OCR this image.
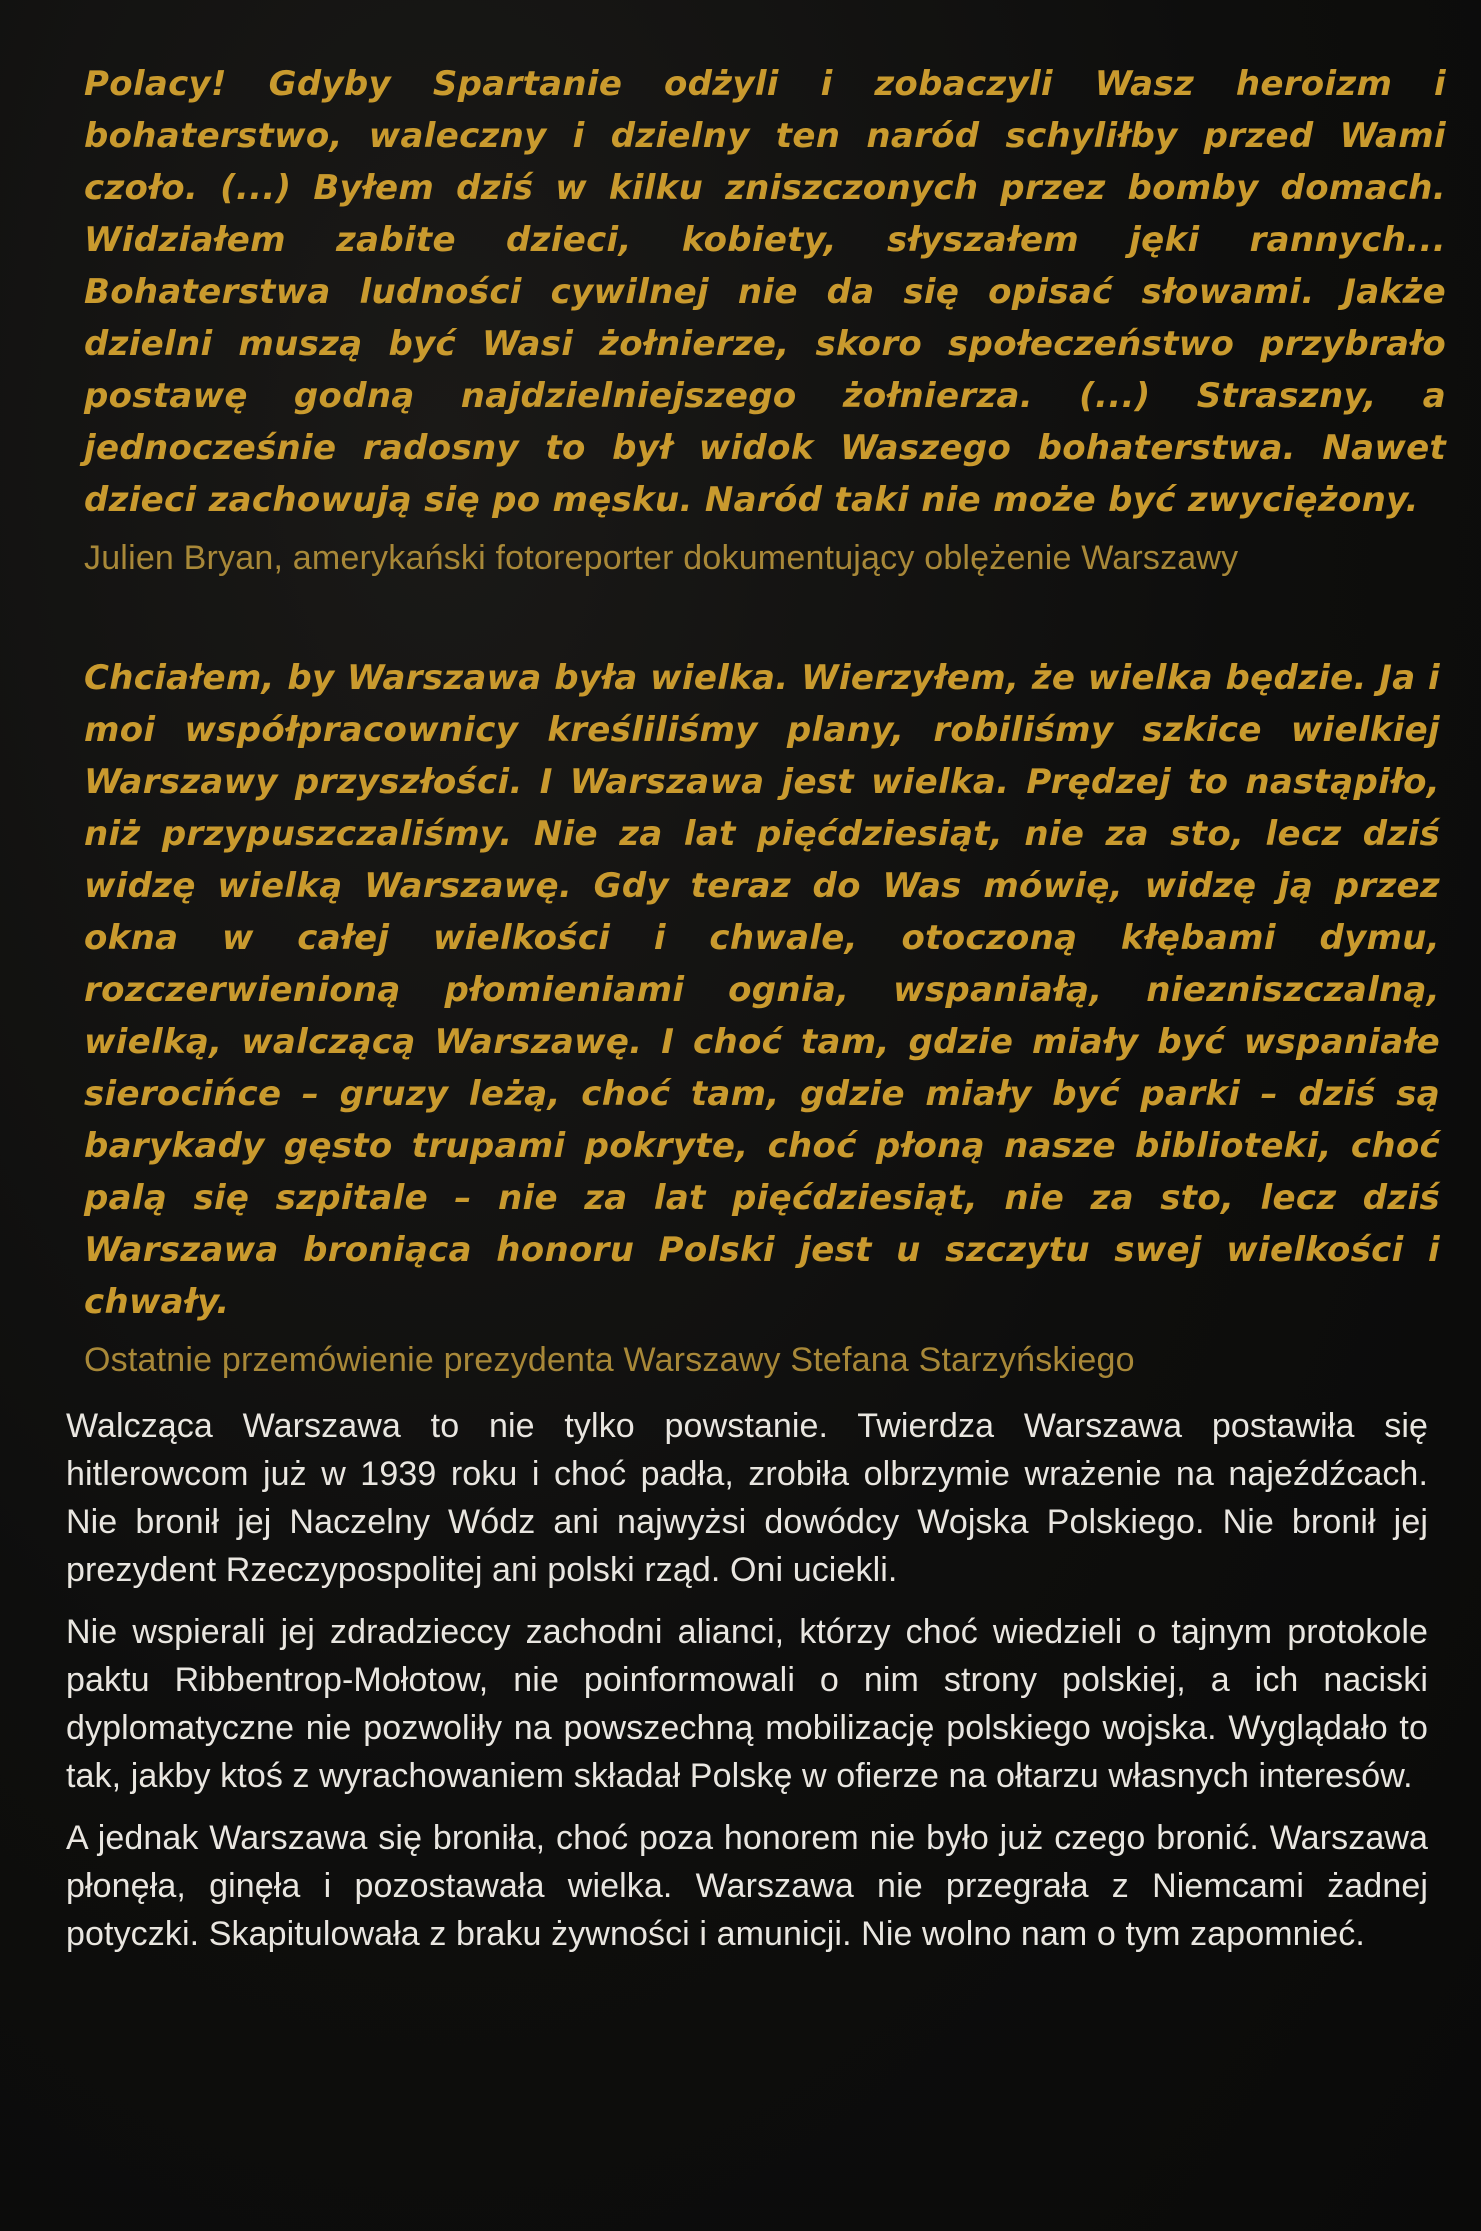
Polacy! Gdyby Spartanie odżyli i zobaczyli Wasz heroizm i bohaterstwo, waleczny i dzielny ten naród schyliłby przed Wami czoło. (...) Byłem dziś w kilku zniszczonych przez bomby domach. Widziałem zabite dzieci, kobiety, słyszałem jęki rannych... Bohaterstwa ludności cywilnej nie da się opisać słowami. Jakże dzielni muszą być Wasi żołnierze, skoro społeczeństwo przybrało postawę godną najdzielniejszego żołnierza. (...) Straszny, a jednocześnie radosny to był widok Waszego bohaterstwa. Nawet dzieci zachowują się po męsku. Naród taki nie może być zwyciężony.

Julien Bryan, amerykański fotoreporter dokumentujący oblężenie Warszawy

Chciałem, by Warszawa była wielka. Wierzyłem, że wielka będzie. Ja i moi współpracownicy kreśliliśmy plany, robiliśmy szkice wielkiej Warszawy przyszłości. I Warszawa jest wielka. Prędzej to nastąpiło, niż przypuszczaliśmy. Nie za lat pięćdziesiąt, nie za sto, lecz dziś widzę wielką Warszawę. Gdy teraz do Was mówię, widzę ją przez okna w całej wielkości i chwale, otoczoną kłębami dymu, rozczerwienioną płomieniami ognia, wspaniałą, niezniszczalną, wielką, walczącą Warszawę. I choć tam, gdzie miały być wspaniałe sierocińce – gruzy leżą, choć tam, gdzie miały być parki – dziś są barykady gęsto trupami pokryte, choć płoną nasze biblioteki, choć palą się szpitale – nie za lat pięćdziesiąt, nie za sto, lecz dziś Warszawa broniąca honoru Polski jest u szczytu swej wielkości i chwały.

Ostatnie przemówienie prezydenta Warszawy Stefana Starzyńskiego

Walcząca Warszawa to nie tylko powstanie. Twierdza Warszawa postawiła się hitlerowcom już w 1939 roku i choć padła, zrobiła olbrzymie wrażenie na najeźdźcach. Nie bronił jej Naczelny Wódz ani najwyżsi dowódcy Wojska Polskiego. Nie bronił jej prezydent Rzeczypospolitej ani polski rząd. Oni uciekli.

Nie wspierali jej zdradzieccy zachodni alianci, którzy choć wiedzieli o tajnym protokole paktu Ribbentrop-Mołotow, nie poinformowali o nim strony polskiej, a ich naciski dyplomatyczne nie pozwoliły na powszechną mobilizację polskiego wojska. Wyglądało to tak, jakby ktoś z wyrachowaniem składał Polskę w ofierze na ołtarzu własnych interesów.

A jednak Warszawa się broniła, choć poza honorem nie było już czego bronić. Warszawa płonęła, ginęła i pozostawała wielka. Warszawa nie przegrała z Niemcami żadnej potyczki. Skapitulowała z braku żywności i amunicji. Nie wolno nam o tym zapomnieć.
